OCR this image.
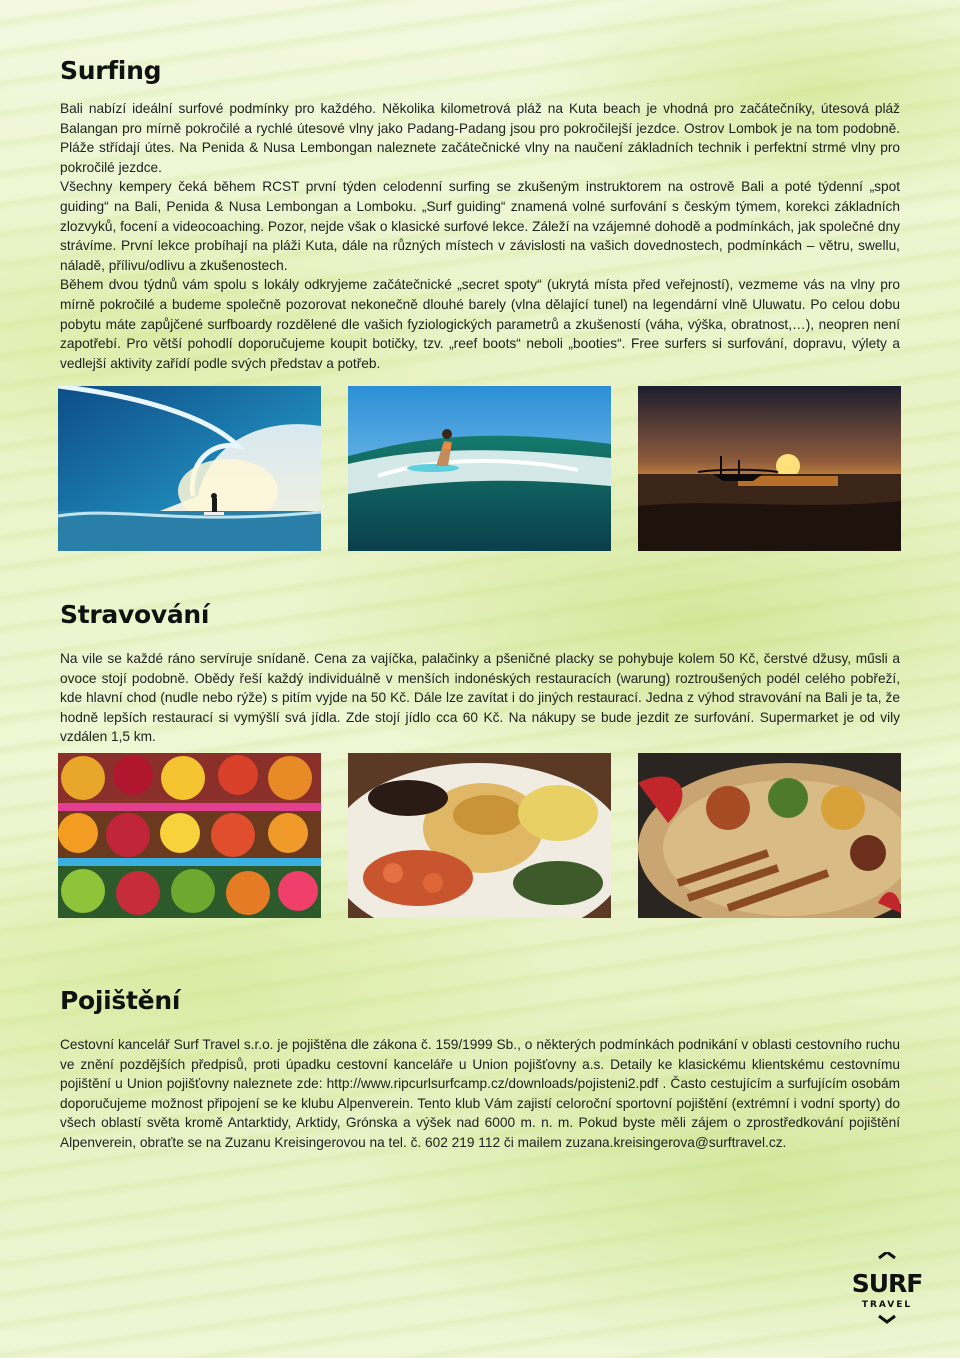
Surfing

Bali nabízí ideální surfové podmínky pro každého. Několika kilometrová pláž na Kuta beach je vhodná pro začátečníky, útesová pláž Balangan pro mírně pokročilé a rychlé útesové vlny jako Padang-Padang jsou pro pokročilejší jezdce. Ostrov Lombok je na tom podobně. Pláže střídají útes. Na Penida & Nusa Lembongan naleznete začátečnické vlny na naučení základních technik i perfektní strmé vlny pro pokročilé jezdce.

Všechny kempery čeká během RCST první týden celodenní surfing se zkušeným instruktorem na ostrově Bali a poté týdenní „spot guiding“ na Bali, Penida & Nusa Lembongan a Lomboku. „Surf guiding“ znamená volné surfování s českým týmem, korekci základních zlozvyků, focení a videocoaching. Pozor, nejde však o klasické surfové lekce. Záleží na vzájemné dohodě a podmínkách, jak společné dny strávíme. První lekce probíhají na pláži Kuta, dále na různých místech v závislosti na vašich dovednostech, podmínkách – větru, swellu, náladě, přílivu/odlivu a zkušenostech.

Během dvou týdnů vám spolu s lokály odkryjeme začátečnické „secret spoty“ (ukrytá místa před veřejností), vezmeme vás na vlny pro mírně pokročilé a budeme společně pozorovat nekonečně dlouhé barely (vlna dělající tunel) na legendární vlně Uluwatu. Po celou dobu pobytu máte zapůjčené surfboardy rozdělené dle vašich fyziologických parametrů a zkušeností (váha, výška, obratnost,…), neopren není zapotřebí. Pro větší pohodlí doporučujeme koupit botičky, tzv. „reef boots“ neboli „booties“. Free surfers si surfování, dopravu, výlety a vedlejší aktivity zařídí podle svých představ a potřeb.

Stravování

Na vile se každé ráno servíruje snídaně. Cena za vajíčka, palačinky a pšeničné placky se pohybuje kolem 50 Kč, čerstvé džusy, műsli a ovoce stojí podobně. Obědy řeší každý individuálně v menších indonéských restauracích (warung) roztroušených podél celého pobřeží, kde hlavní chod (nudle nebo rýže) s pitím vyjde na 50 Kč. Dále lze zavítat i do jiných restaurací. Jedna z výhod stravování na Bali je ta, že hodně lepších restaurací si vymýšlí svá jídla. Zde stojí jídlo cca 60 Kč. Na nákupy se bude jezdit ze surfování. Supermarket je od vily vzdálen 1,5 km.

Pojištění

Cestovní kancelář Surf Travel s.r.o. je pojištěna dle zákona č. 159/1999 Sb., o některých podmínkách podnikání v oblasti cestovního ruchu ve znění pozdějších předpisů, proti úpadku cestovní kanceláře u Union pojišťovny a.s. Detaily ke klasickému klientskému cestovnímu pojištění u Union pojišťovny naleznete zde: http://www.ripcurlsurfcamp.cz/downloads/pojisteni2.pdf . Často cestujícím a surfujícím osobám doporučujeme možnost připojení se ke klubu Alpenverein. Tento klub Vám zajistí celoroční sportovní pojištění (extrémní i vodní sporty) do všech oblastí světa kromě Antarktidy, Arktidy, Grónska a výšek nad 6000 m. n. m. Pokud byste měli zájem o zprostředkování pojištění Alpenverein, obraťte se na Zuzanu Kreisingerovou na tel. č. 602 219 112 či mailem zuzana.kreisingerova@surftravel.cz.

SURF
TRAVEL
